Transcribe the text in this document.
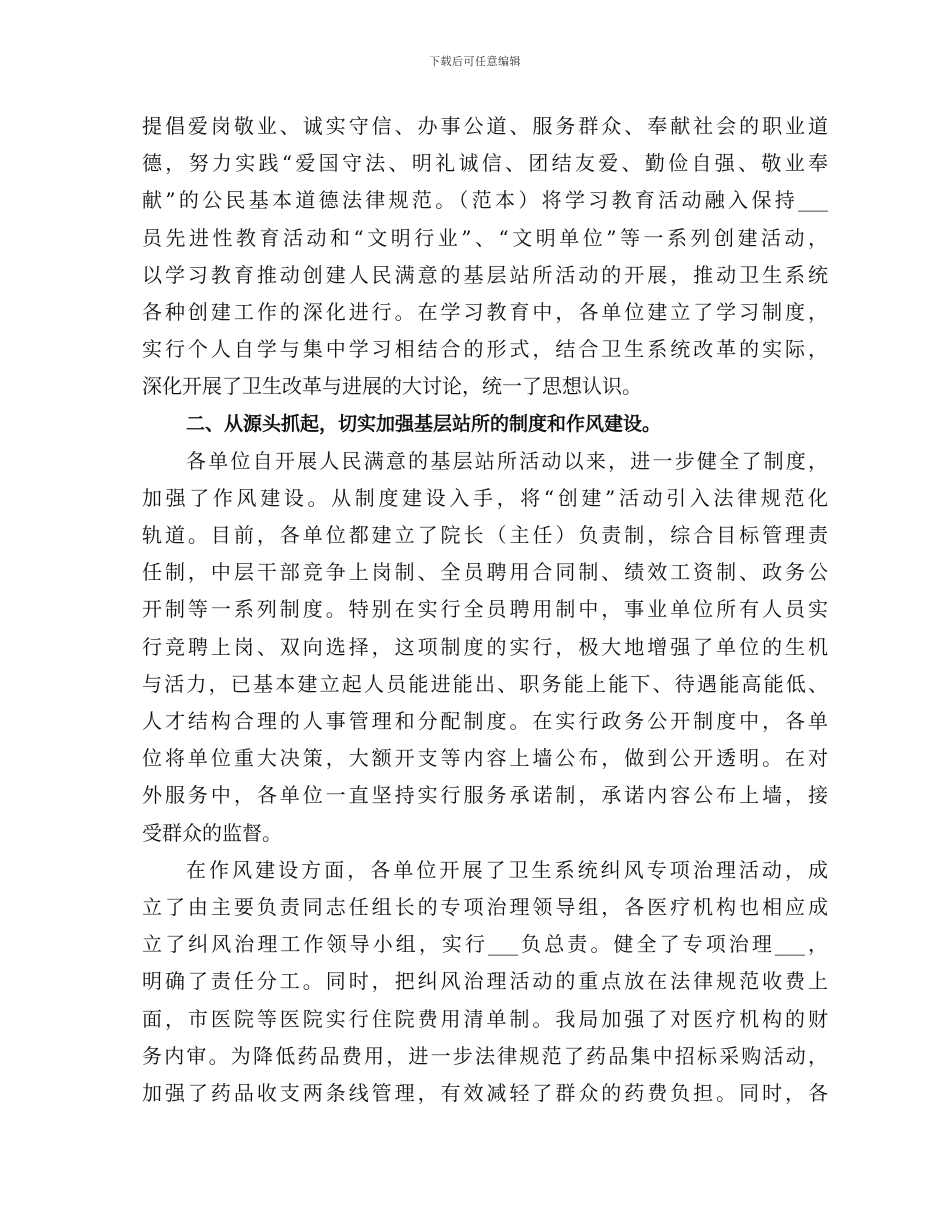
下载后可任意编辑
提倡爱岗敬业、诚实守信、办事公道、服务群众、奉献社会的职业道
德，努力实践“爱国守法、明礼诚信、团结友爱、勤俭自强、敬业奉
献”的公民基本道德法律规范。（范本）将学习教育活动融入保持___
员先进性教育活动和“文明行业”、“文明单位”等一系列创建活动，
以学习教育推动创建人民满意的基层站所活动的开展，推动卫生系统
各种创建工作的深化进行。在学习教育中，各单位建立了学习制度，
实行个人自学与集中学习相结合的形式，结合卫生系统改革的实际，
深化开展了卫生改革与进展的大讨论，统一了思想认识。
二、从源头抓起，切实加强基层站所的制度和作风建设。
各单位自开展人民满意的基层站所活动以来，进一步健全了制度，
加强了作风建设。从制度建设入手，将“创建”活动引入法律规范化
轨道。目前，各单位都建立了院长（主任）负责制，综合目标管理责
任制，中层干部竞争上岗制、全员聘用合同制、绩效工资制、政务公
开制等一系列制度。特别在实行全员聘用制中，事业单位所有人员实
行竞聘上岗、双向选择，这项制度的实行，极大地增强了单位的生机
与活力，已基本建立起人员能进能出、职务能上能下、待遇能高能低、
人才结构合理的人事管理和分配制度。在实行政务公开制度中，各单
位将单位重大决策，大额开支等内容上墙公布，做到公开透明。在对
外服务中，各单位一直坚持实行服务承诺制，承诺内容公布上墙，接
受群众的监督。
在作风建设方面，各单位开展了卫生系统纠风专项治理活动，成
立了由主要负责同志任组长的专项治理领导组，各医疗机构也相应成
立了纠风治理工作领导小组，实行___负总责。健全了专项治理___，
明确了责任分工。同时，把纠风治理活动的重点放在法律规范收费上
面，市医院等医院实行住院费用清单制。我局加强了对医疗机构的财
务内审。为降低药品费用，进一步法律规范了药品集中招标采购活动，
加强了药品收支两条线管理，有效减轻了群众的药费负担。同时，各
